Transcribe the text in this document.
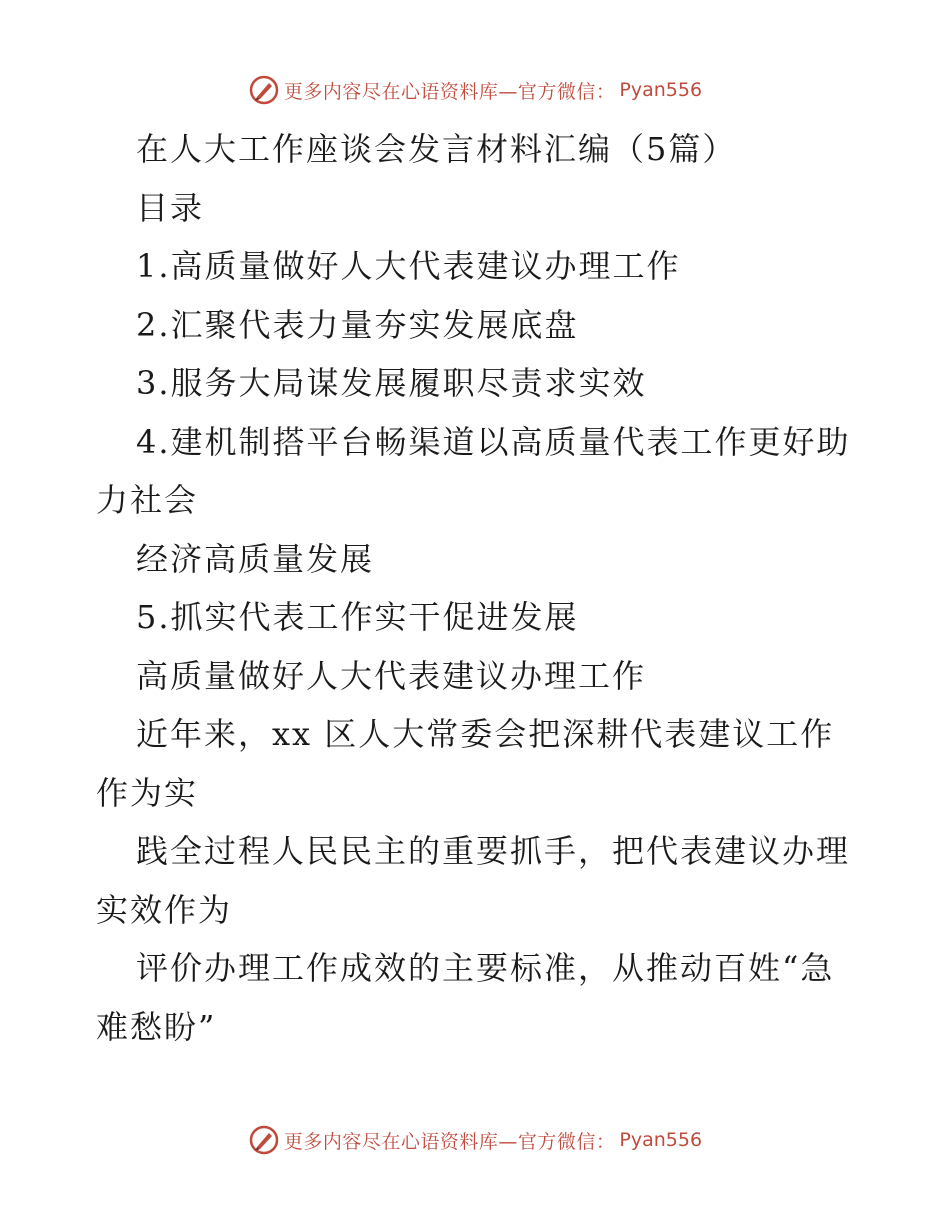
更多内容尽在心语资料库—官方微信： Pyan556
在人大工作座谈会发言材料汇编（5篇）
目录
1.高质量做好人大代表建议办理工作
2.汇聚代表力量夯实发展底盘
3.服务大局谋发展履职尽责求实效
4.建机制搭平台畅渠道以高质量代表工作更好助
力社会
经济高质量发展
5.抓实代表工作实干促进发展
高质量做好人大代表建议办理工作
近年来，xx 区人大常委会把深耕代表建议工作
作为实
践全过程人民民主的重要抓手，把代表建议办理
实效作为
评价办理工作成效的主要标准，从推动百姓“急
难愁盼”
更多内容尽在心语资料库—官方微信： Pyan556
